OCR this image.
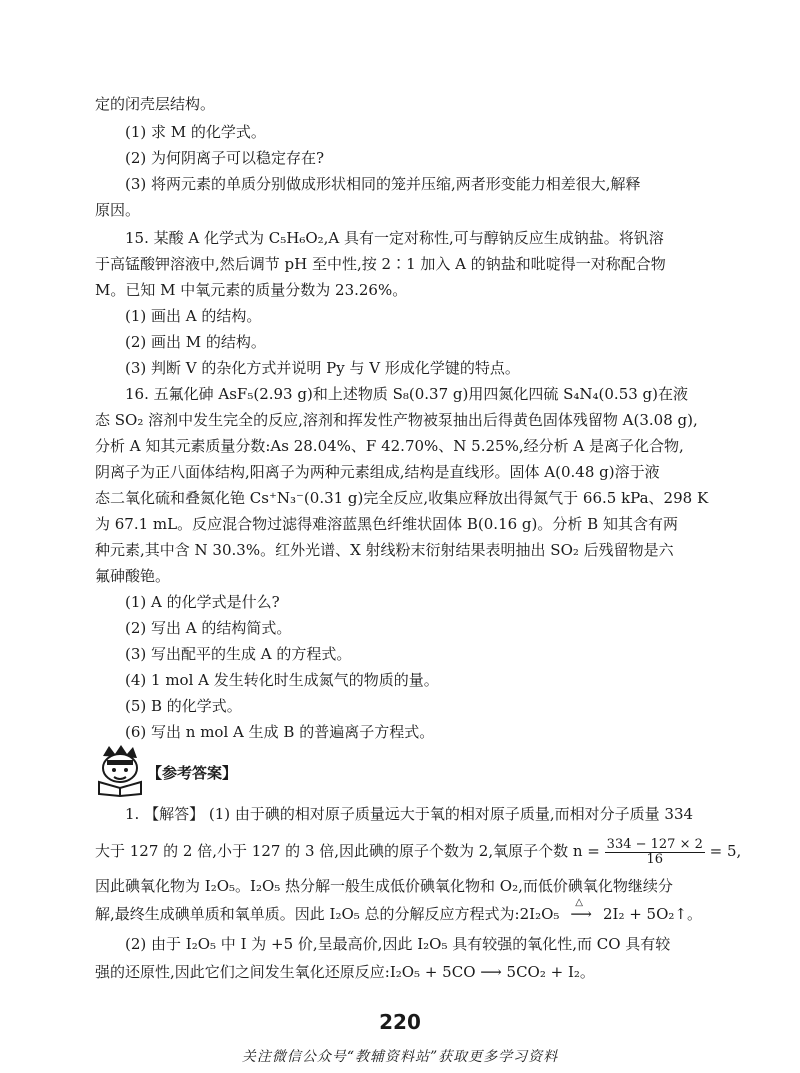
定的闭壳层结构。
(1) 求 M 的化学式。
(2) 为何阴离子可以稳定存在?
(3) 将两元素的单质分别做成形状相同的笼并压缩,两者形变能力相差很大,解释
原因。
15. 某酸 A 化学式为 C₅H₆O₂,A 具有一定对称性,可与醇钠反应生成钠盐。将钒溶
于高锰酸钾溶液中,然后调节 pH 至中性,按 2∶1 加入 A 的钠盐和吡啶得一对称配合物
M。已知 M 中氧元素的质量分数为 23.26%。
(1) 画出 A 的结构。
(2) 画出 M 的结构。
(3) 判断 V 的杂化方式并说明 Py 与 V 形成化学键的特点。
16. 五氟化砷 AsF₅(2.93 g)和上述物质 S₈(0.37 g)用四氮化四硫 S₄N₄(0.53 g)在液
态 SO₂ 溶剂中发生完全的反应,溶剂和挥发性产物被泵抽出后得黄色固体残留物 A(3.08 g),
分析 A 知其元素质量分数:As 28.04%、F 42.70%、N 5.25%,经分析 A 是离子化合物,
阴离子为正八面体结构,阳离子为两种元素组成,结构是直线形。固体 A(0.48 g)溶于液
态二氧化硫和叠氮化铯 Cs⁺N₃⁻(0.31 g)完全反应,收集应释放出得氮气于 66.5 kPa、298 K
为 67.1 mL。反应混合物过滤得难溶蓝黑色纤维状固体 B(0.16 g)。分析 B 知其含有两
种元素,其中含 N 30.3%。红外光谱、X 射线粉末衍射结果表明抽出 SO₂ 后残留物是六
氟砷酸铯。
(1) A 的化学式是什么?
(2) 写出 A 的结构简式。
(3) 写出配平的生成 A 的方程式。
(4) 1 mol A 发生转化时生成氮气的物质的量。
(5) B 的化学式。
(6) 写出 n mol A 生成 B 的普遍离子方程式。
【参考答案】
1. 【解答】 (1) 由于碘的相对原子质量远大于氧的相对原子质量,而相对分子质量 334
大于 127 的 2 倍,小于 127 的 3 倍,因此碘的原子个数为 2,氧原子个数 $n = \frac{334 - 127 \times 2}{16} = 5$,
因此碘氧化物为 I₂O₅。I₂O₅ 热分解一般生成低价碘氧化物和 O₂,而低价碘氧化物继续分
解,最终生成碘单质和氧单质。因此 I₂O₅ 总的分解反应方程式为:2I₂O₅
△
⟶ 2I₂ + 5O₂↑。
(2) 由于 I₂O₅ 中 I 为 +5 价,呈最高价,因此 I₂O₅ 具有较强的氧化性,而 CO 具有较
强的还原性,因此它们之间发生氧化还原反应:I₂O₅ + 5CO ⟶ 5CO₂ + I₂。
220
关注微信公众号“教辅资料站”获取更多学习资料
